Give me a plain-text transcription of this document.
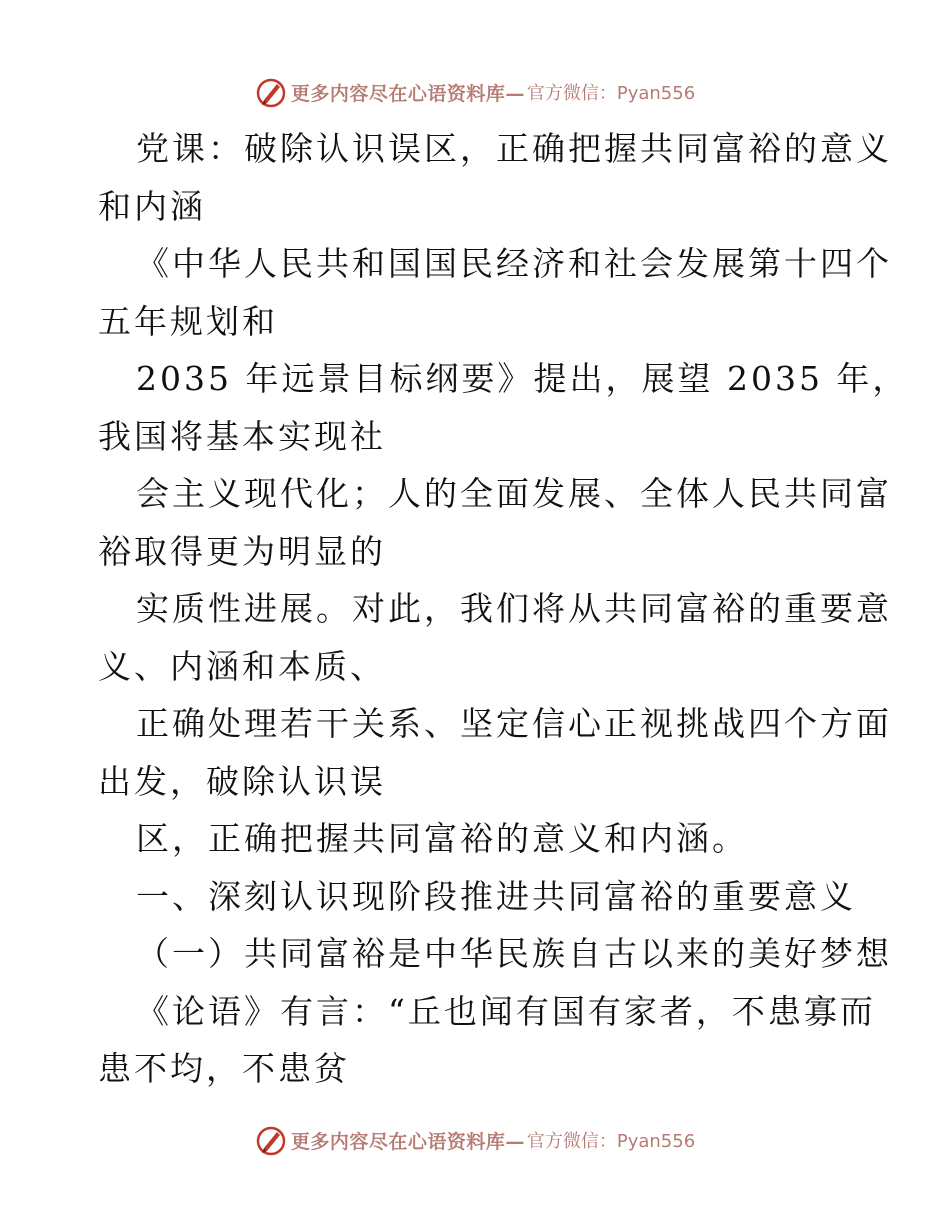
更多内容尽在心语资料库— 官方微信：Pyan556
党课：破除认识误区，正确把握共同富裕的意义
和内涵
《中华人民共和国国民经济和社会发展第十四个
五年规划和
2035 年远景目标纲要》提出，展望 2035 年，
我国将基本实现社
会主义现代化；人的全面发展、全体人民共同富
裕取得更为明显的
实质性进展。对此，我们将从共同富裕的重要意
义、内涵和本质、
正确处理若干关系、坚定信心正视挑战四个方面
出发，破除认识误
区，正确把握共同富裕的意义和内涵。
一、深刻认识现阶段推进共同富裕的重要意义
（一）共同富裕是中华民族自古以来的美好梦想
《论语》有言：“丘也闻有国有家者，不患寡而
患不均，不患贫
更多内容尽在心语资料库— 官方微信：Pyan556
